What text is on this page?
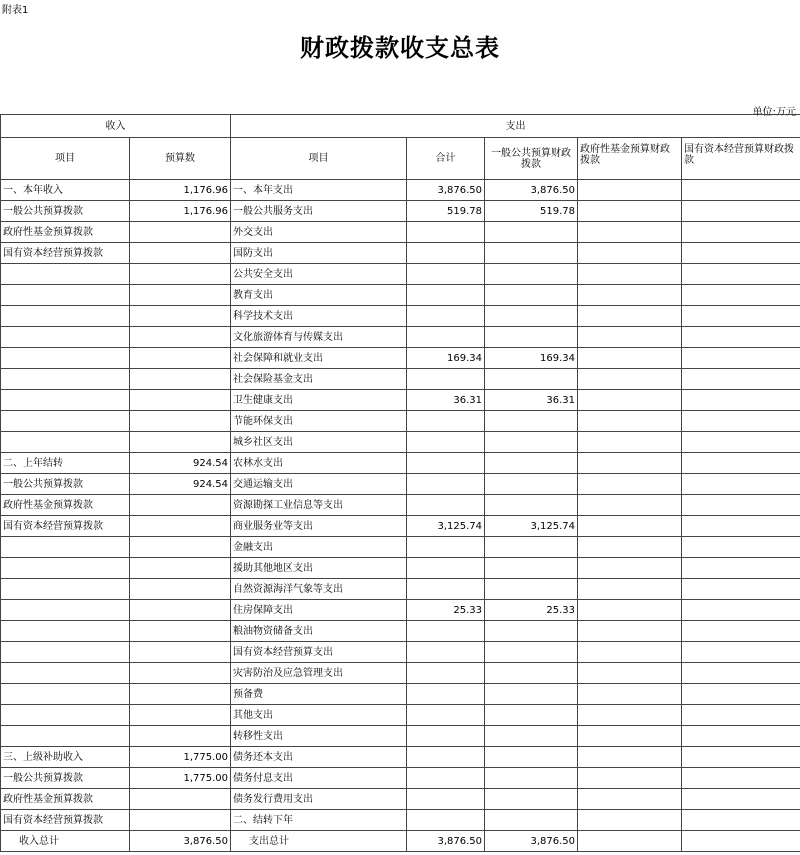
附表1
财政拨款收支总表
单位:万元
收入		支出				
项目	预算数	项目	合计	一般公共预算财政拨款	政府性基金预算财政拨款	国有资本经营预算财政拨款
一、本年收入	1,176.96	一、本年支出	3,876.50	3,876.50		
一般公共预算拨款	1,176.96	一般公共服务支出	519.78	519.78		
政府性基金预算拨款		外交支出				
国有资本经营预算拨款		国防支出				
		公共安全支出				
		教育支出				
		科学技术支出				
		文化旅游体育与传媒支出				
		社会保障和就业支出	169.34	169.34		
		社会保险基金支出				
		卫生健康支出	36.31	36.31		
		节能环保支出				
		城乡社区支出				
二、上年结转	924.54	农林水支出				
一般公共预算拨款	924.54	交通运输支出				
政府性基金预算拨款		资源勘探工业信息等支出				
国有资本经营预算拨款		商业服务业等支出	3,125.74	3,125.74		
		金融支出				
		援助其他地区支出				
		自然资源海洋气象等支出				
		住房保障支出	25.33	25.33		
		粮油物资储备支出				
		国有资本经营预算支出				
		灾害防治及应急管理支出				
		预备费				
		其他支出				
		转移性支出				
三、上级补助收入	1,775.00	债务还本支出				
一般公共预算拨款	1,775.00	债务付息支出				
政府性基金预算拨款		债务发行费用支出				
国有资本经营预算拨款		二、结转下年				
收入总计	3,876.50	支出总计	3,876.50	3,876.50		
